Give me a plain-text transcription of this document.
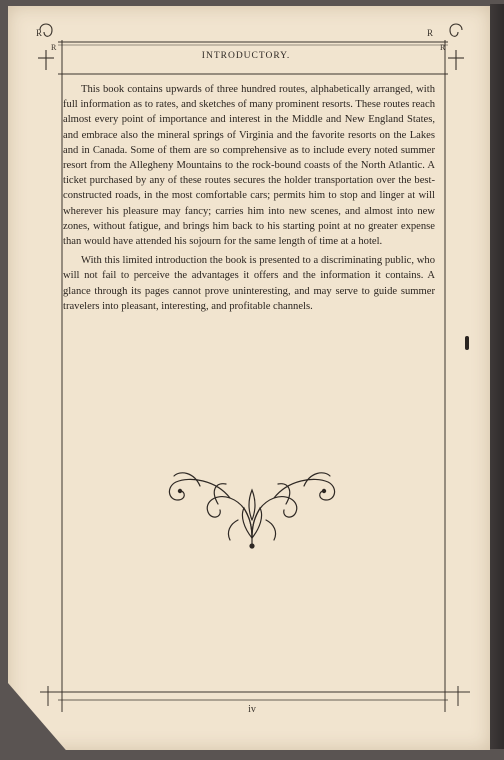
R
R
R
R
INTRODUCTORY.

This book contains upwards of three hundred routes, alphabetically arranged, with full information as to rates, and sketches of many prominent resorts. These routes reach almost every point of importance and interest in the Middle and New England States, and embrace also the mineral springs of Virginia and the favorite resorts on the Lakes and in Canada. Some of them are so comprehensive as to include every noted summer resort from the Allegheny Mountains to the rock-bound coasts of the North Atlantic. A ticket purchased by any of these routes secures the holder transportation over the best-constructed roads, in the most comfortable cars; permits him to stop and linger at will wherever his pleasure may fancy; carries him into new scenes, and almost into new zones, without fatigue, and brings him back to his starting point at no greater expense than would have attended his sojourn for the same length of time at a hotel.

With this limited introduction the book is presented to a discriminating public, who will not fail to perceive the advantages it offers and the information it contains. A glance through its pages cannot prove uninteresting, and may serve to guide summer travelers into pleasant, interesting, and profitable channels.

iv
